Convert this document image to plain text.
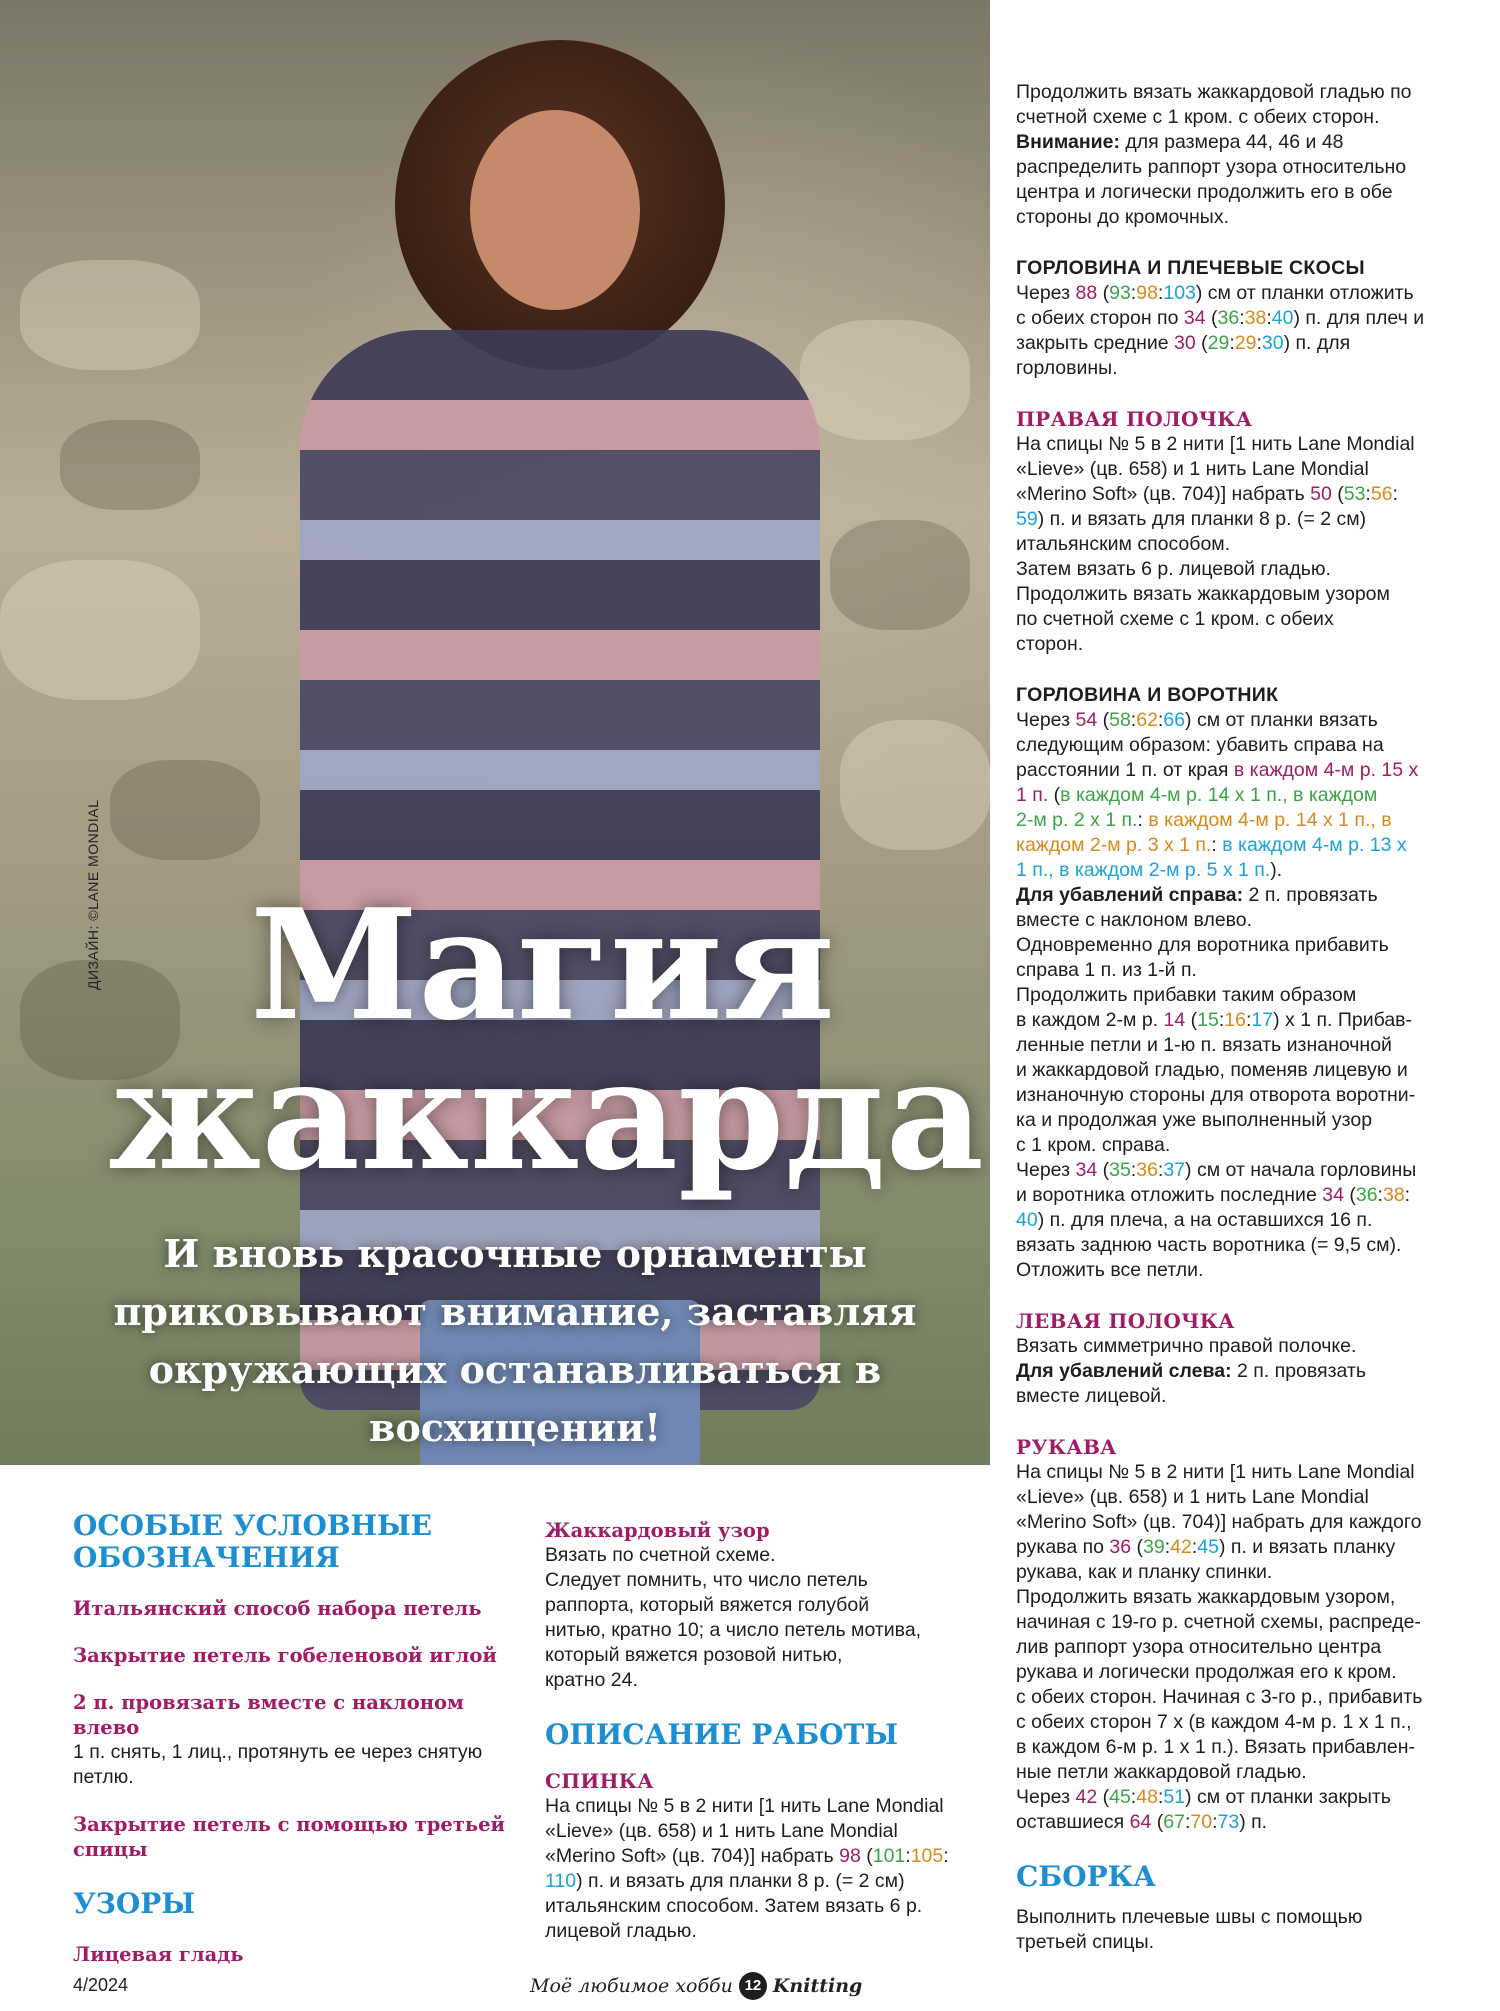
ДИЗАЙН: ©LANE MONDIAL Магия
жаккарда
И вновь красочные орнаменты приковывают внимание, заставляя окружающих останавливаться в восхищении!

Продолжить вязать жаккардовой гладью по

счетной схеме с 1 кром. с обеих сторон.

Внимание: для размера 44, 46 и 48

распределить раппорт узора относительно

центра и логически продолжить его в обе

стороны до кромочных.

ГОРЛОВИНА И ПЛЕЧЕВЫЕ СКОСЫ

Через 88 (93:98:103) см от планки отложить

с обеих сторон по 34 (36:38:40) п. для плеч и

закрыть средние 30 (29:29:30) п. для

горловины.

ПРАВАЯ ПОЛОЧКА

На спицы № 5 в 2 нити [1 нить Lane Mondial

«Lieve» (цв. 658) и 1 нить Lane Mondial

«Merino Soft» (цв. 704)] набрать 50 (53:56:

59) п. и вязать для планки 8 р. (= 2 см)

итальянским способом.

Затем вязать 6 р. лицевой гладью.

Продолжить вязать жаккардовым узором

по счетной схеме с 1 кром. с обеих

сторон.

ГОРЛОВИНА И ВОРОТНИК

Через 54 (58:62:66) см от планки вязать

следующим образом: убавить справа на

расстоянии 1 п. от края в каждом 4-м р. 15 х

1 п. (в каждом 4-м р. 14 х 1 п., в каждом

2-м р. 2 х 1 п.: в каждом 4-м р. 14 х 1 п., в

каждом 2-м р. 3 х 1 п.: в каждом 4-м р. 13 х

1 п., в каждом 2-м р. 5 х 1 п.).

Для убавлений справа: 2 п. провязать

вместе с наклоном влево.

Одновременно для воротника прибавить

справа 1 п. из 1-й п.

Продолжить прибавки таким образом

в каждом 2-м р. 14 (15:16:17) х 1 п. Прибав-

ленные петли и 1-ю п. вязать изнаночной

и жаккардовой гладью, поменяв лицевую и

изнаночную стороны для отворота воротни-

ка и продолжая уже выполненный узор

с 1 кром. справа.

Через 34 (35:36:37) см от начала горловины

и воротника отложить последние 34 (36:38:

40) п. для плеча, а на оставшихся 16 п.

вязать заднюю часть воротника (= 9,5 см).

Отложить все петли.

ЛЕВАЯ ПОЛОЧКА

Вязать симметрично правой полочке.

Для убавлений слева: 2 п. провязать

вместе лицевой.

РУКАВА

На спицы № 5 в 2 нити [1 нить Lane Mondial

«Lieve» (цв. 658) и 1 нить Lane Mondial

«Merino Soft» (цв. 704)] набрать для каждого

рукава по 36 (39:42:45) п. и вязать планку

рукава, как и планку спинки.

Продолжить вязать жаккардовым узором,

начиная с 19-го р. счетной схемы, распреде-

лив раппорт узора относительно центра

рукава и логически продолжая его к кром.

с обеих сторон. Начиная с 3-го р., прибавить

с обеих сторон 7 х (в каждом 4-м р. 1 х 1 п.,

в каждом 6-м р. 1 х 1 п.). Вязать прибавлен-

ные петли жаккардовой гладью.

Через 42 (45:48:51) см от планки закрыть

оставшиеся 64 (67:70:73) п.

СБОРКА

Выполнить плечевые швы с помощью

третьей спицы.

ОСОБЫЕ УСЛОВНЫЕ ОБОЗНАЧЕНИЯ

Итальянский способ набора петель

Закрытие петель гобеленовой иглой

2 п. провязать вместе с наклоном влево

1 п. снять, 1 лиц., протянуть ее через снятую

петлю.

Закрытие петель с помощью третьей спицы

УЗОРЫ

Лицевая гладь

Жаккардовый узор

Вязать по счетной схеме.

Следует помнить, что число петель

раппорта, который вяжется голубой

нитью, кратно 10; а число петель мотива,

который вяжется розовой нитью,

кратно 24.

ОПИСАНИЕ РАБОТЫ

СПИНКА

На спицы № 5 в 2 нити [1 нить Lane Mondial

«Lieve» (цв. 658) и 1 нить Lane Mondial

«Merino Soft» (цв. 704)] набрать 98 (101:105:

110) п. и вязать для планки 8 р. (= 2 см)

итальянским способом. Затем вязать 6 р.

лицевой гладью.

4/2024	Моё любимое хобби 12 Knitting
